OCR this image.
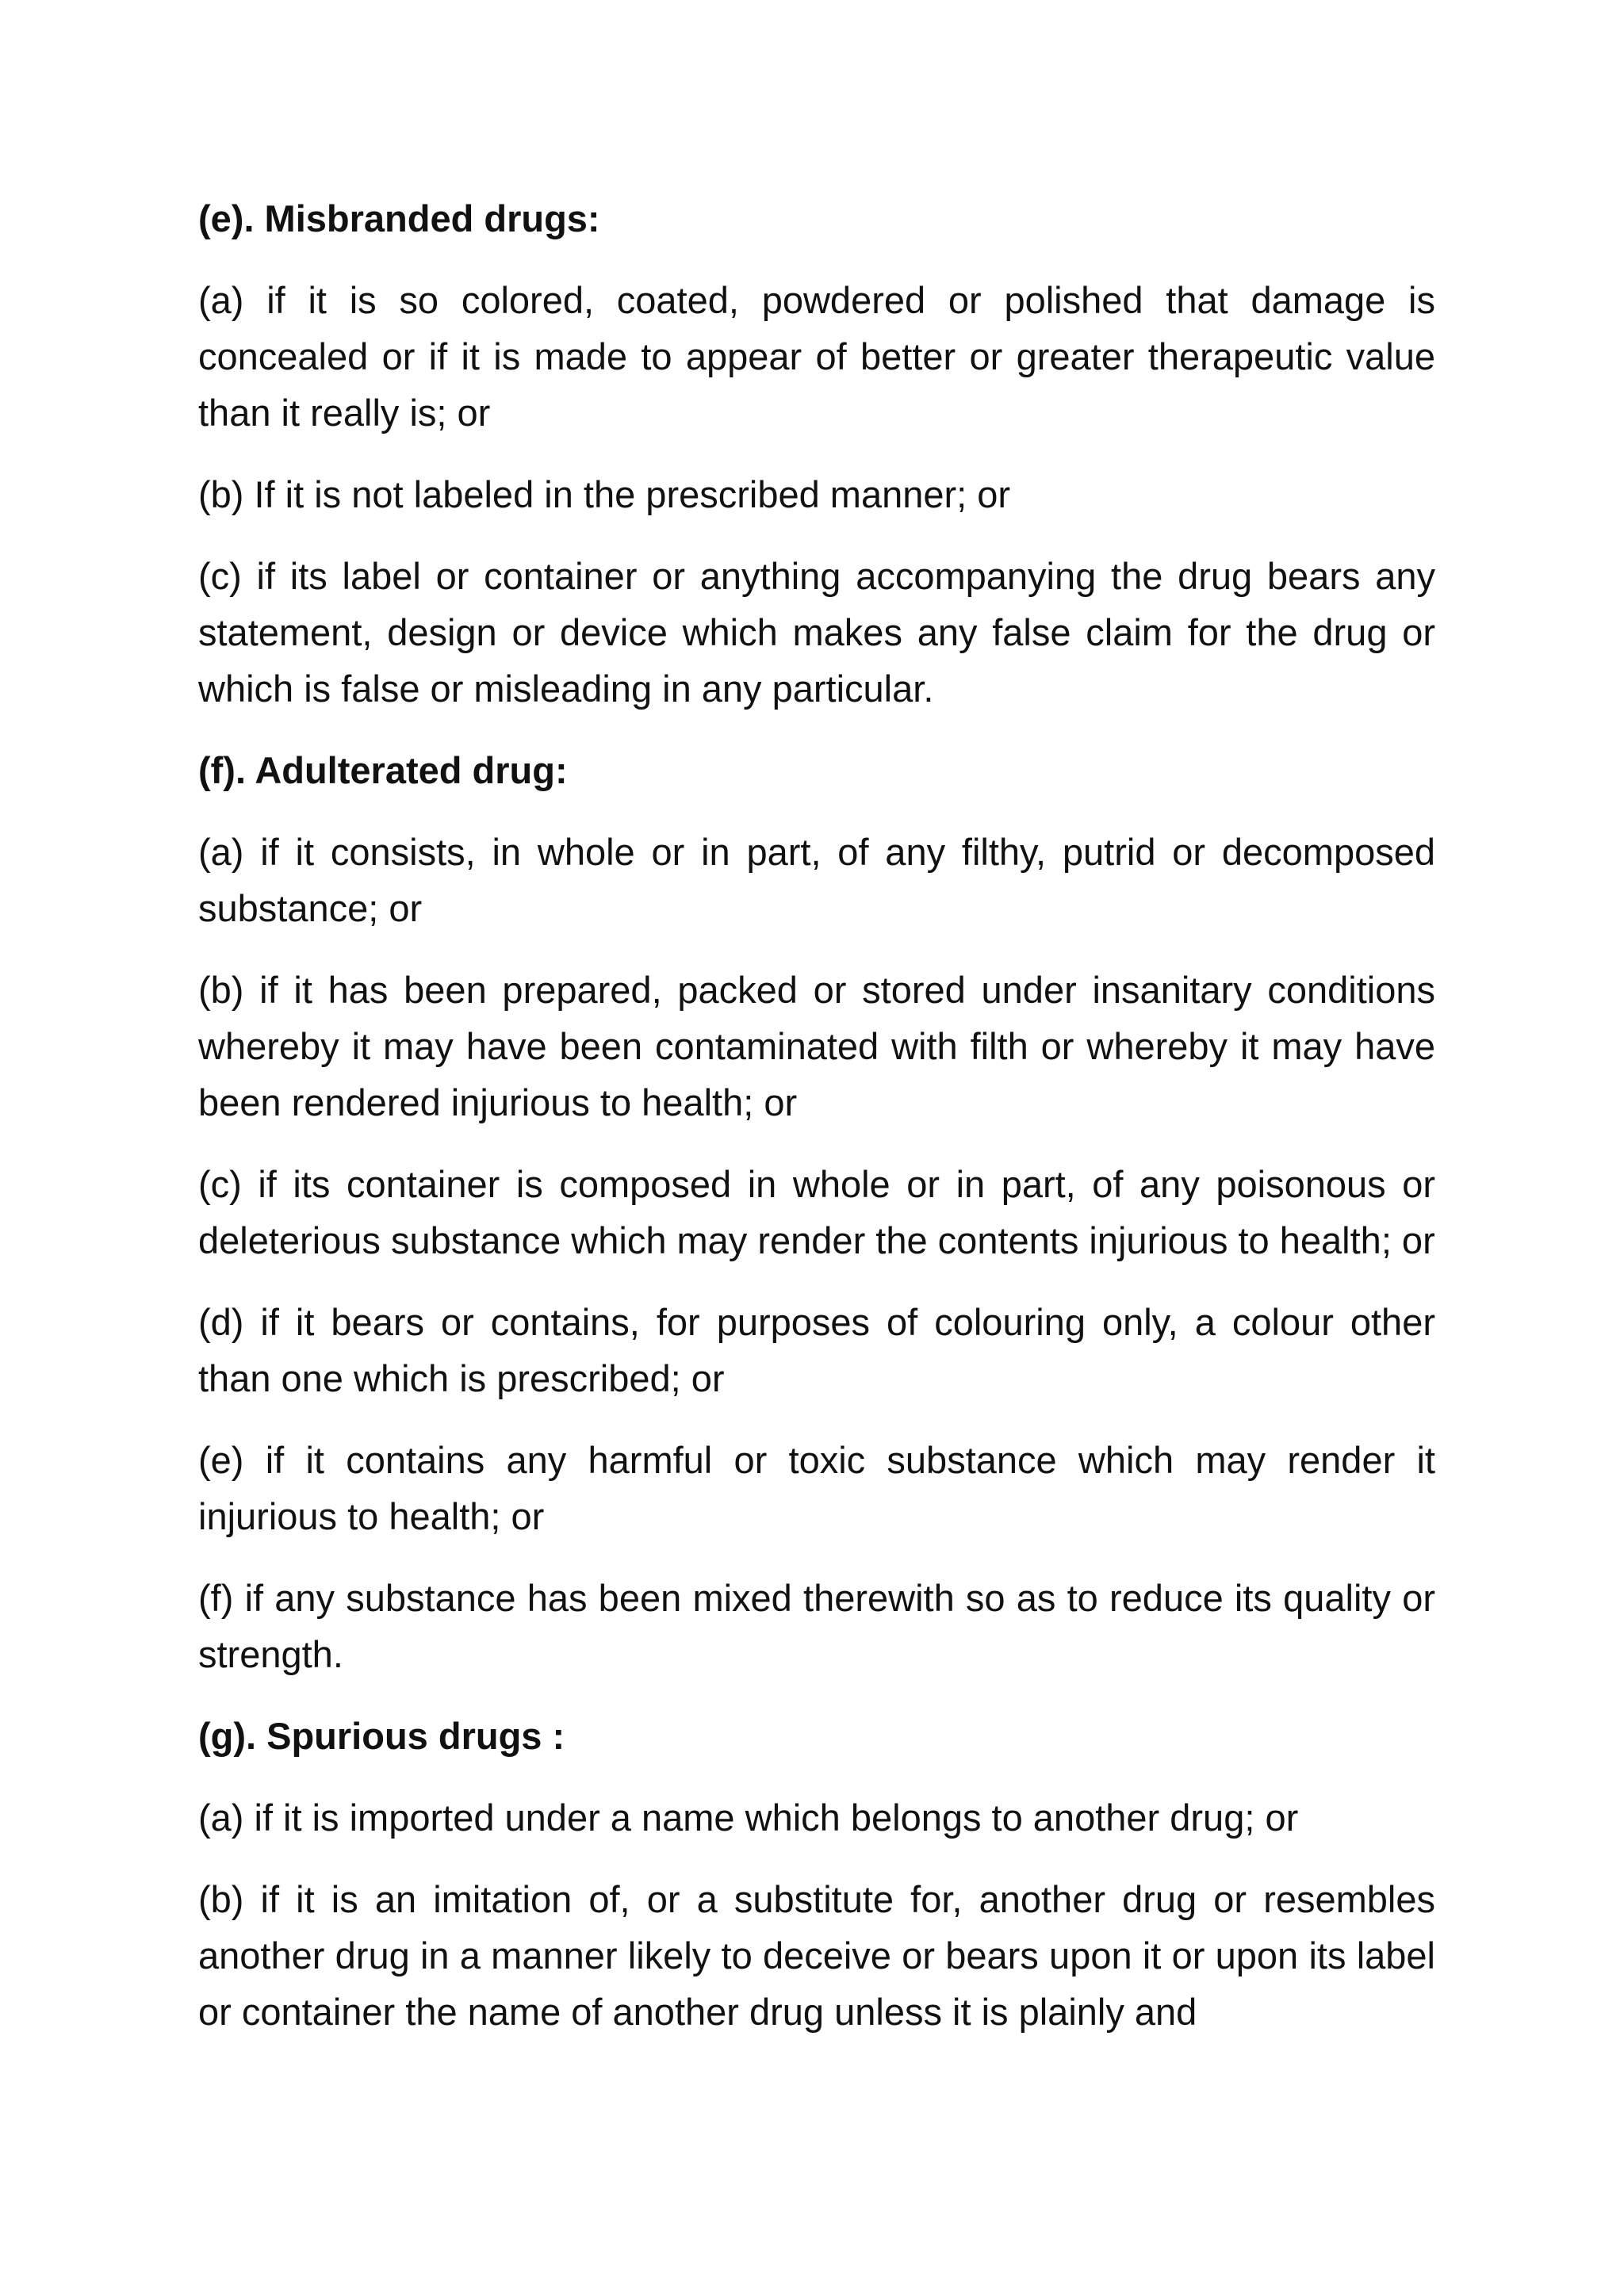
(e). Misbranded drugs:
(a) if it is so colored, coated, powdered or polished that damage is concealed or if it is made to appear of better or greater therapeutic value than it really is; or
(b) If it is not labeled in the prescribed manner; or
(c) if its label or container or anything accompanying the drug bears any statement, design or device which makes any false claim for the drug or which is false or misleading in any particular.
(f). Adulterated drug:
(a) if it consists, in whole or in part, of any filthy, putrid or decomposed substance; or
(b) if it has been prepared, packed or stored under insanitary conditions whereby it may have been contaminated with filth or whereby it may have been rendered injurious to health; or
(c) if its container is composed in whole or in part, of any poisonous or deleterious substance which may render the contents injurious to health; or
(d) if it bears or contains, for purposes of colouring only, a colour other than one which is prescribed; or
(e) if it contains any harmful or toxic substance which may render it injurious to health; or
(f) if any substance has been mixed therewith so as to reduce its quality or strength.
(g). Spurious drugs :
(a) if it is imported under a name which belongs to another drug; or
(b) if it is an imitation of, or a substitute for, another drug or resembles another drug in a manner likely to deceive or bears upon it or upon its label or container the name of another drug unless it is plainly and
